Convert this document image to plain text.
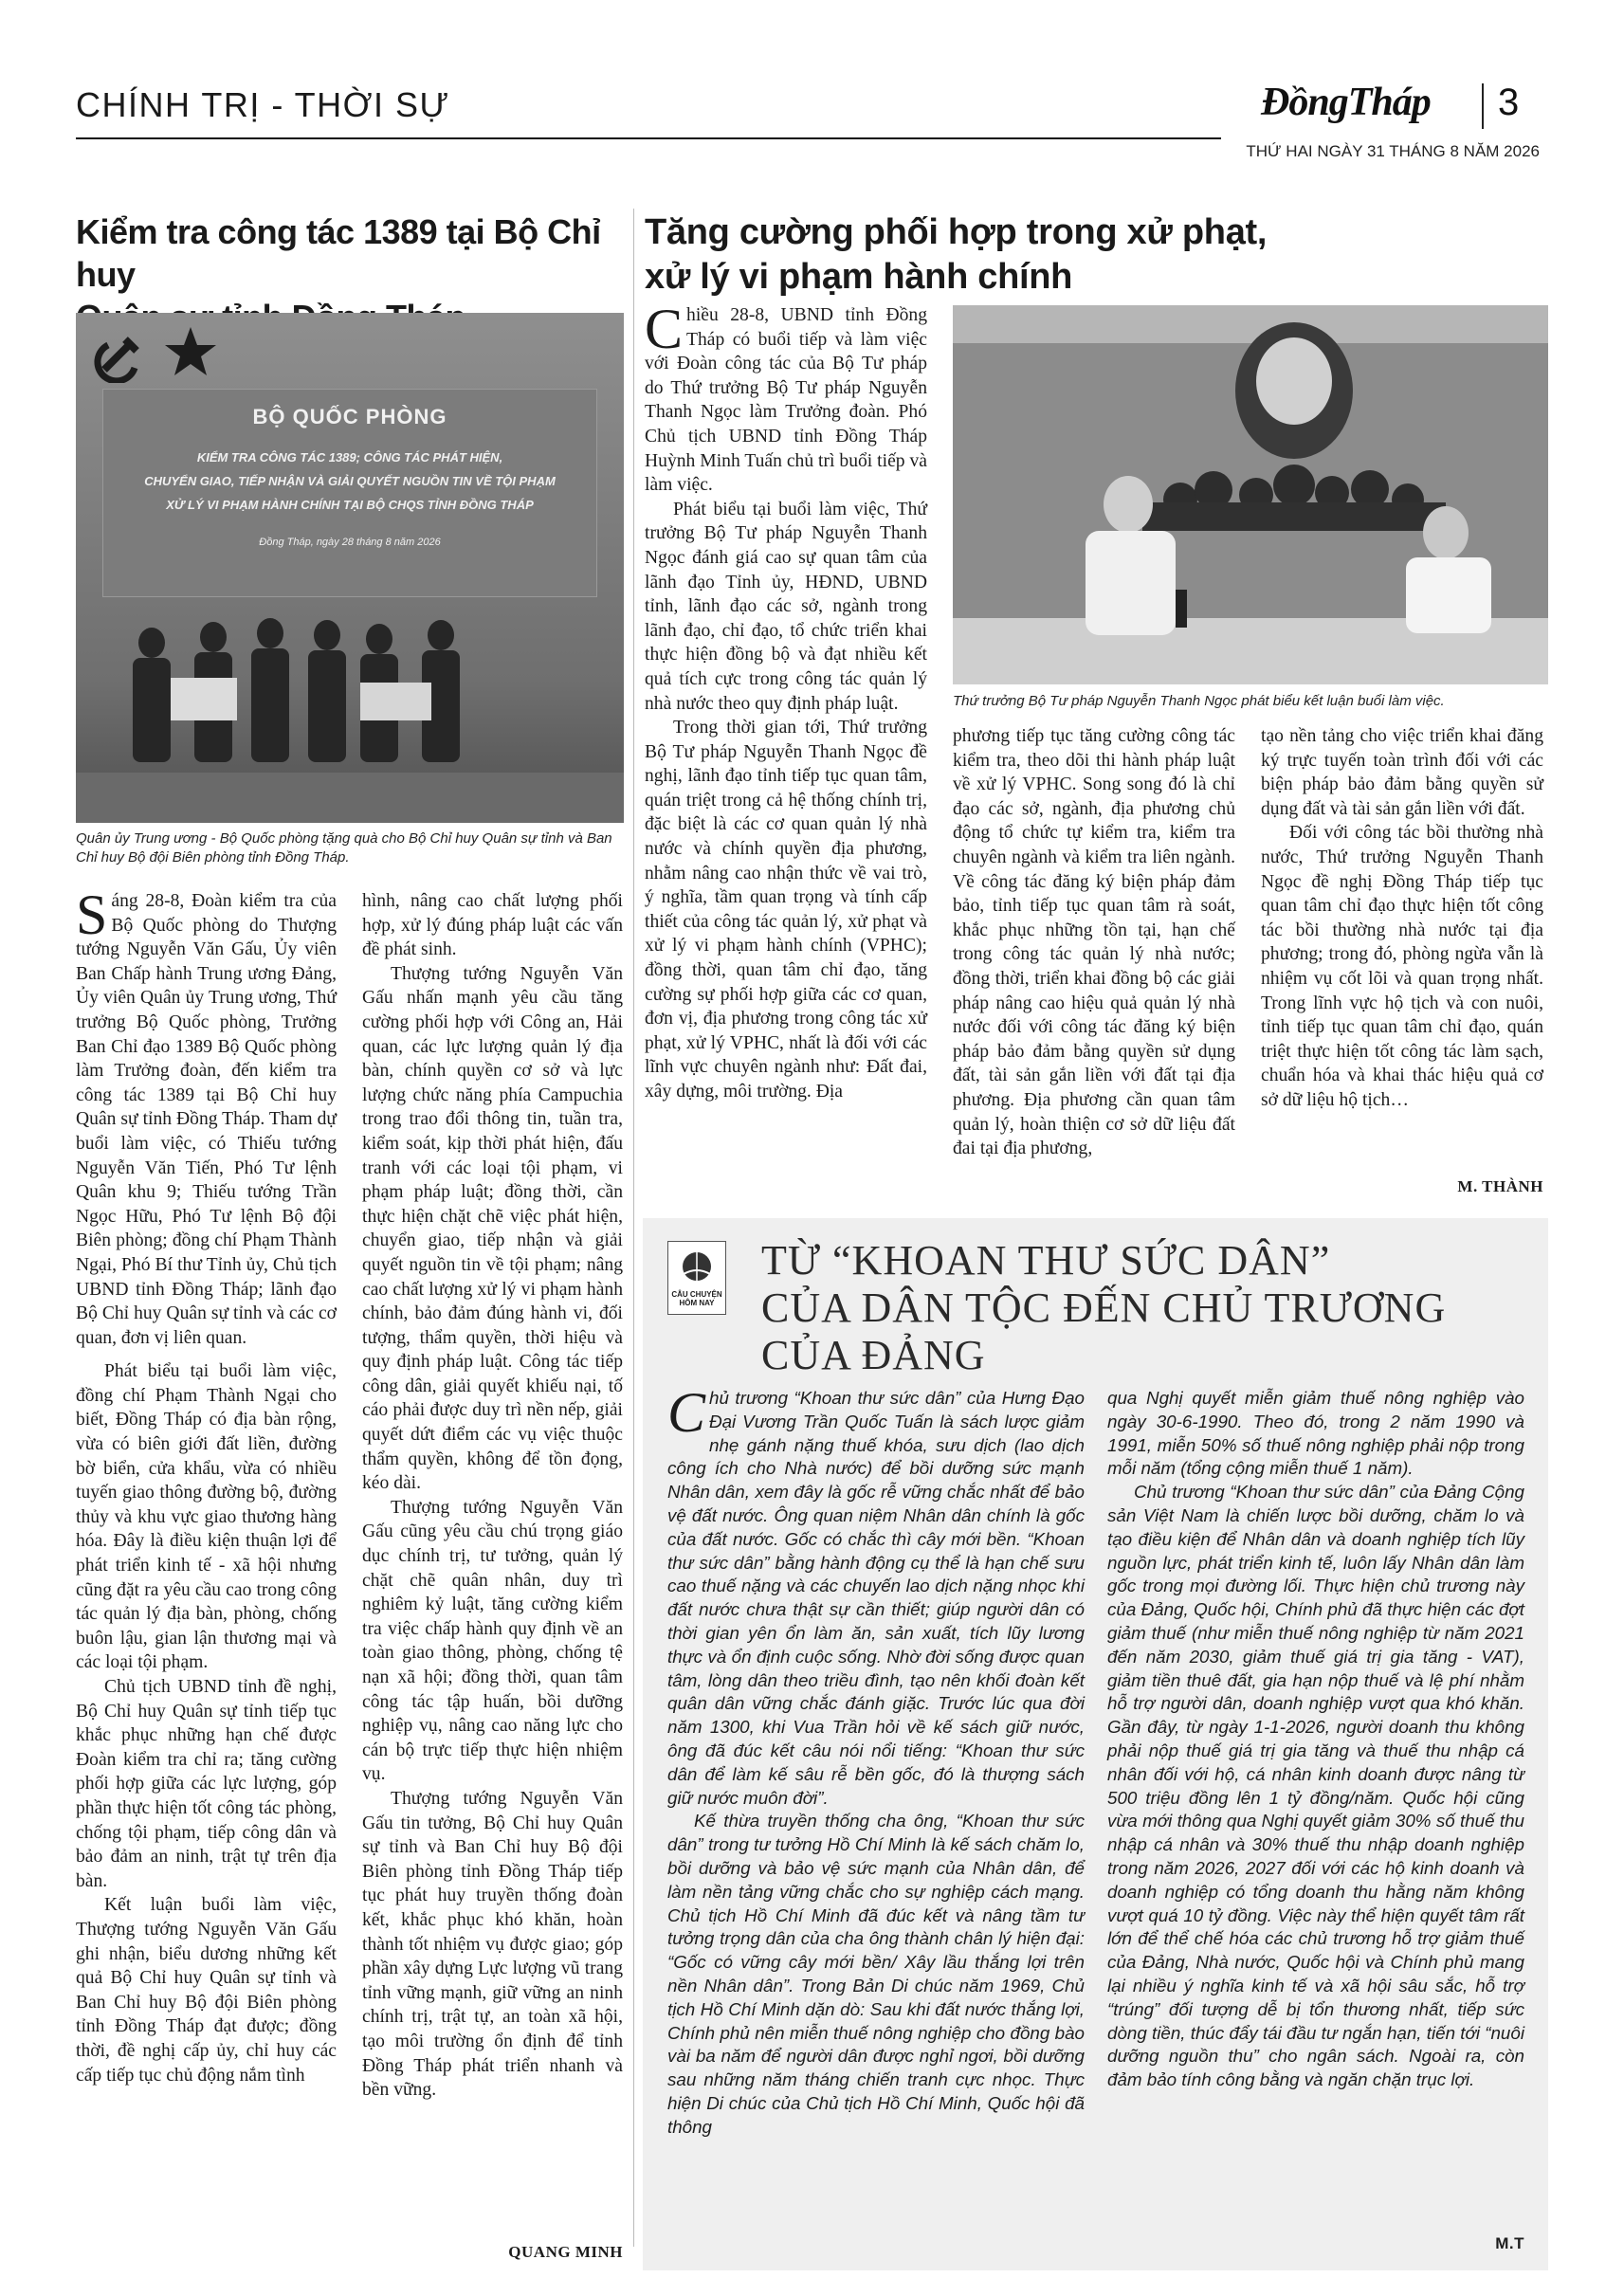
CHÍNH TRỊ - THỜI SỰ	ĐồngTháp 3
THỨ HAI NGÀY 31 THÁNG 8 NĂM 2026
Kiểm tra công tác 1389 tại Bộ Chỉ huy
BỘ QUỐC PHÒNG
KIỂM TRA CÔNG TÁC 1389; CÔNG TÁC PHÁT HIỆN,
CHUYỂN GIAO, TIẾP NHẬN VÀ GIẢI QUYẾT NGUỒN TIN VỀ TỘI PHẠM
XỬ LÝ VI PHẠM HÀNH CHÍNH TẠI BỘ CHQS TỈNH ĐỒNG THÁP
Đồng Tháp, ngày 28 tháng 8 năm 2026
Quân ủy Trung ương - Bộ Quốc phòng tặng quà cho Bộ Chỉ huy Quân sự tỉnh và Ban Chỉ huy Bộ đội Biên phòng tỉnh Đồng Tháp.

Sáng 28-8, Đoàn kiểm tra của Bộ Quốc phòng do Thượng tướng Nguyễn Văn Gấu, Ủy viên Ban Chấp hành Trung ương Đảng, Ủy viên Quân ủy Trung ương, Thứ trưởng Bộ Quốc phòng, Trưởng Ban Chỉ đạo 1389 Bộ Quốc phòng làm Trưởng đoàn, đến kiểm tra công tác 1389 tại Bộ Chỉ huy Quân sự tỉnh Đồng Tháp. Tham dự buổi làm việc, có Thiếu tướng Nguyễn Văn Tiến, Phó Tư lệnh Quân khu 9; Thiếu tướng Trần Ngọc Hữu, Phó Tư lệnh Bộ đội Biên phòng; đồng chí Phạm Thành Ngại, Phó Bí thư Tỉnh ủy, Chủ tịch UBND tỉnh Đồng Tháp; lãnh đạo Bộ Chỉ huy Quân sự tỉnh và các cơ quan, đơn vị liên quan.

Phát biểu tại buổi làm việc, đồng chí Phạm Thành Ngại cho biết, Đồng Tháp có địa bàn rộng, vừa có biên giới đất liền, đường bờ biển, cửa khẩu, vừa có nhiều tuyến giao thông đường bộ, đường thủy và khu vực giao thương hàng hóa. Đây là điều kiện thuận lợi để phát triển kinh tế - xã hội nhưng cũng đặt ra yêu cầu cao trong công tác quản lý địa bàn, phòng, chống buôn lậu, gian lận thương mại và các loại tội phạm.

Chủ tịch UBND tỉnh đề nghị, Bộ Chỉ huy Quân sự tỉnh tiếp tục khắc phục những hạn chế được Đoàn kiểm tra chỉ ra; tăng cường phối hợp giữa các lực lượng, góp phần thực hiện tốt công tác phòng, chống tội phạm, tiếp công dân và bảo đảm an ninh, trật tự trên địa bàn.

Kết luận buổi làm việc, Thượng tướng Nguyễn Văn Gấu ghi nhận, biểu dương những kết quả Bộ Chỉ huy Quân sự tỉnh và Ban Chỉ huy Bộ đội Biên phòng tỉnh Đồng Tháp đạt được; đồng thời, đề nghị cấp ủy, chỉ huy các cấp tiếp tục chủ động nắm tình

hình, nâng cao chất lượng phối hợp, xử lý đúng pháp luật các vấn đề phát sinh.

Thượng tướng Nguyễn Văn Gấu nhấn mạnh yêu cầu tăng cường phối hợp với Công an, Hải quan, các lực lượng quản lý địa bàn, chính quyền cơ sở và lực lượng chức năng phía Campuchia trong trao đổi thông tin, tuần tra, kiểm soát, kịp thời phát hiện, đấu tranh với các loại tội phạm, vi phạm pháp luật; đồng thời, cần thực hiện chặt chẽ việc phát hiện, chuyển giao, tiếp nhận và giải quyết nguồn tin về tội phạm; nâng cao chất lượng xử lý vi phạm hành chính, bảo đảm đúng hành vi, đối tượng, thẩm quyền, thời hiệu và quy định pháp luật. Công tác tiếp công dân, giải quyết khiếu nại, tố cáo phải được duy trì nền nếp, giải quyết dứt điểm các vụ việc thuộc thẩm quyền, không để tồn đọng, kéo dài.

Thượng tướng Nguyễn Văn Gấu cũng yêu cầu chú trọng giáo dục chính trị, tư tưởng, quản lý chặt chẽ quân nhân, duy trì nghiêm kỷ luật, tăng cường kiểm tra việc chấp hành quy định về an toàn giao thông, phòng, chống tệ nạn xã hội; đồng thời, quan tâm công tác tập huấn, bồi dưỡng nghiệp vụ, nâng cao năng lực cho cán bộ trực tiếp thực hiện nhiệm vụ.

Thượng tướng Nguyễn Văn Gấu tin tưởng, Bộ Chỉ huy Quân sự tỉnh và Ban Chỉ huy Bộ đội Biên phòng tỉnh Đồng Tháp tiếp tục phát huy truyền thống đoàn kết, khắc phục khó khăn, hoàn thành tốt nhiệm vụ được giao; góp phần xây dựng Lực lượng vũ trang tỉnh vững mạnh, giữ vững an ninh chính trị, trật tự, an toàn xã hội, tạo môi trường ổn định để tỉnh Đồng Tháp phát triển nhanh và bền vững.

QUANG MINH
Tăng cường phối hợp trong xử phạt,
xử lý vi phạm hành chính

Chiều 28-8, UBND tỉnh Đồng Tháp có buổi tiếp và làm việc với Đoàn công tác của Bộ Tư pháp do Thứ trưởng Bộ Tư pháp Nguyễn Thanh Ngọc làm Trưởng đoàn. Phó Chủ tịch UBND tỉnh Đồng Tháp Huỳnh Minh Tuấn chủ trì buổi tiếp và làm việc.

Phát biểu tại buổi làm việc, Thứ trưởng Bộ Tư pháp Nguyễn Thanh Ngọc đánh giá cao sự quan tâm của lãnh đạo Tỉnh ủy, HĐND, UBND tỉnh, lãnh đạo các sở, ngành trong lãnh đạo, chỉ đạo, tổ chức triển khai thực hiện đồng bộ và đạt nhiều kết quả tích cực trong công tác quản lý nhà nước theo quy định pháp luật.

Trong thời gian tới, Thứ trưởng Bộ Tư pháp Nguyễn Thanh Ngọc đề nghị, lãnh đạo tỉnh tiếp tục quan tâm, quán triệt trong cả hệ thống chính trị, đặc biệt là các cơ quan quản lý nhà nước và chính quyền địa phương, nhằm nâng cao nhận thức về vai trò, ý nghĩa, tầm quan trọng và tính cấp thiết của công tác quản lý, xử phạt và xử lý vi phạm hành chính (VPHC); đồng thời, quan tâm chỉ đạo, tăng cường sự phối hợp giữa các cơ quan, đơn vị, địa phương trong công tác xử phạt, xử lý VPHC, nhất là đối với các lĩnh vực chuyên ngành như: Đất đai, xây dựng, môi trường. Địa

Thứ trưởng Bộ Tư pháp Nguyễn Thanh Ngọc phát biểu kết luận buổi làm việc.

phương tiếp tục tăng cường công tác kiểm tra, theo dõi thi hành pháp luật về xử lý VPHC. Song song đó là chỉ đạo các sở, ngành, địa phương chủ động tổ chức tự kiểm tra, kiểm tra chuyên ngành và kiểm tra liên ngành. Về công tác đăng ký biện pháp đảm bảo, tỉnh tiếp tục quan tâm rà soát, khắc phục những tồn tại, hạn chế trong công tác quản lý nhà nước; đồng thời, triển khai đồng bộ các giải pháp nâng cao hiệu quả quản lý nhà nước đối với công tác đăng ký biện pháp bảo đảm bằng quyền sử dụng đất, tài sản gắn liền với đất tại địa phương. Địa phương cần quan tâm quản lý, hoàn thiện cơ sở dữ liệu đất đai tại địa phương,

tạo nền tảng cho việc triển khai đăng ký trực tuyến toàn trình đối với các biện pháp bảo đảm bằng quyền sử dụng đất và tài sản gắn liền với đất.

Đối với công tác bồi thường nhà nước, Thứ trưởng Nguyễn Thanh Ngọc đề nghị Đồng Tháp tiếp tục quan tâm chỉ đạo thực hiện tốt công tác bồi thường nhà nước tại địa phương; trong đó, phòng ngừa vẫn là nhiệm vụ cốt lõi và quan trọng nhất. Trong lĩnh vực hộ tịch và con nuôi, tỉnh tiếp tục quan tâm chỉ đạo, quán triệt thực hiện tốt công tác làm sạch, chuẩn hóa và khai thác hiệu quả cơ sở dữ liệu hộ tịch…

M. THÀNH
CÂU CHUYỆN
HÔM NAY
TỪ “KHOAN THƯ SỨC DÂN”
CỦA DÂN TỘC ĐẾN CHỦ TRƯƠNG
CỦA ĐẢNG

Chủ trương “Khoan thư sức dân” của Hưng Đạo Đại Vương Trần Quốc Tuấn là sách lược giảm nhẹ gánh nặng thuế khóa, sưu dịch (lao dịch công ích cho Nhà nước) để bồi dưỡng sức mạnh Nhân dân, xem đây là gốc rễ vững chắc nhất để bảo vệ đất nước. Ông quan niệm Nhân dân chính là gốc của đất nước. Gốc có chắc thì cây mới bền. “Khoan thư sức dân” bằng hành động cụ thể là hạn chế sưu cao thuế nặng và các chuyến lao dịch nặng nhọc khi đất nước chưa thật sự cần thiết; giúp người dân có thời gian yên ổn làm ăn, sản xuất, tích lũy lương thực và ổn định cuộc sống. Nhờ đời sống được quan tâm, lòng dân theo triều đình, tạo nên khối đoàn kết quân dân vững chắc đánh giặc. Trước lúc qua đời năm 1300, khi Vua Trần hỏi về kế sách giữ nước, ông đã đúc kết câu nói nổi tiếng: “Khoan thư sức dân để làm kế sâu rễ bền gốc, đó là thượng sách giữ nước muôn đời”.

Kế thừa truyền thống cha ông, “Khoan thư sức dân” trong tư tưởng Hồ Chí Minh là kế sách chăm lo, bồi dưỡng và bảo vệ sức mạnh của Nhân dân, để làm nền tảng vững chắc cho sự nghiệp cách mạng. Chủ tịch Hồ Chí Minh đã đúc kết và nâng tầm tư tưởng trọng dân của cha ông thành chân lý hiện đại: “Gốc có vững cây mới bền/ Xây lầu thắng lợi trên nền Nhân dân”. Trong Bản Di chúc năm 1969, Chủ tịch Hồ Chí Minh dặn dò: Sau khi đất nước thắng lợi, Chính phủ nên miễn thuế nông nghiệp cho đồng bào vài ba năm để người dân được nghỉ ngơi, bồi dưỡng sau những năm tháng chiến tranh cực nhọc. Thực hiện Di chúc của Chủ tịch Hồ Chí Minh, Quốc hội đã thông

qua Nghị quyết miễn giảm thuế nông nghiệp vào ngày 30-6-1990. Theo đó, trong 2 năm 1990 và 1991, miễn 50% số thuế nông nghiệp phải nộp trong mỗi năm (tổng cộng miễn thuế 1 năm).

Chủ trương “Khoan thư sức dân” của Đảng Cộng sản Việt Nam là chiến lược bồi dưỡng, chăm lo và tạo điều kiện để Nhân dân và doanh nghiệp tích lũy nguồn lực, phát triển kinh tế, luôn lấy Nhân dân làm gốc trong mọi đường lối. Thực hiện chủ trương này của Đảng, Quốc hội, Chính phủ đã thực hiện các đợt giảm thuế (như miễn thuế nông nghiệp từ năm 2021 đến năm 2030, giảm thuế giá trị gia tăng - VAT), giảm tiền thuê đất, gia hạn nộp thuế và lệ phí nhằm hỗ trợ người dân, doanh nghiệp vượt qua khó khăn. Gần đây, từ ngày 1-1-2026, người doanh thu không phải nộp thuế giá trị gia tăng và thuế thu nhập cá nhân đối với hộ, cá nhân kinh doanh được nâng từ 500 triệu đồng lên 1 tỷ đồng/năm. Quốc hội cũng vừa mới thông qua Nghị quyết giảm 30% số thuế thu nhập cá nhân và 30% thuế thu nhập doanh nghiệp trong năm 2026, 2027 đối với các hộ kinh doanh và doanh nghiệp có tổng doanh thu hằng năm không vượt quá 10 tỷ đồng. Việc này thể hiện quyết tâm rất lớn để thể chế hóa các chủ trương hỗ trợ giảm thuế của Đảng, Nhà nước, Quốc hội và Chính phủ mang lại nhiều ý nghĩa kinh tế và xã hội sâu sắc, hỗ trợ “trúng” đối tượng dễ bị tổn thương nhất, tiếp sức dòng tiền, thúc đẩy tái đầu tư ngắn hạn, tiến tới “nuôi dưỡng nguồn thu” cho ngân sách. Ngoài ra, còn đảm bảo tính công bằng và ngăn chặn trục lợi.

M.T
